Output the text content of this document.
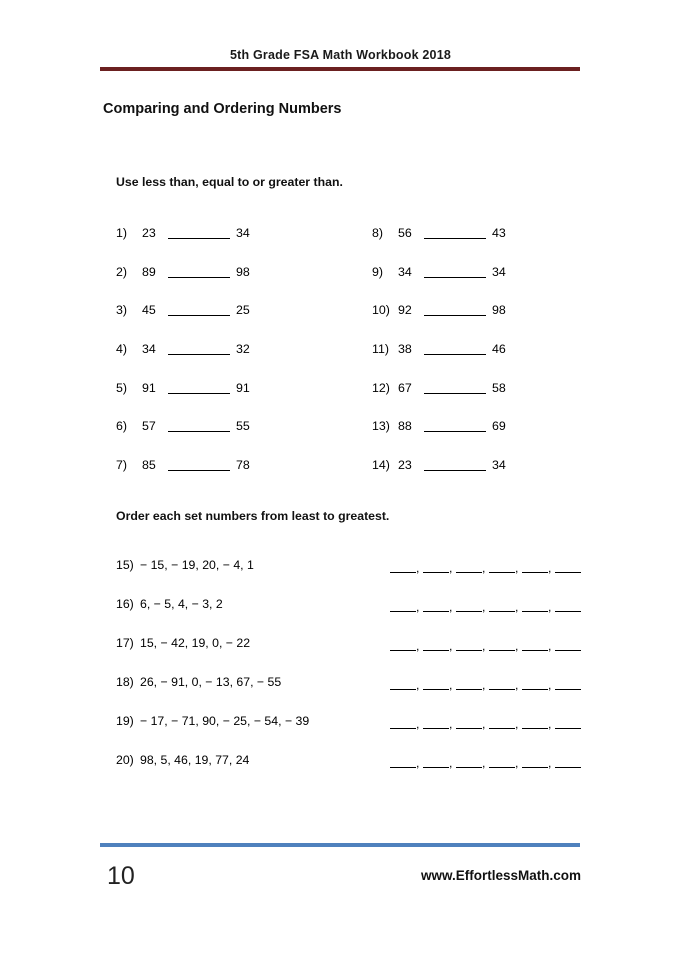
5th Grade FSA Math Workbook 2018
Comparing and Ordering Numbers
Use less than, equal to or greater than.
1) 23	34
2) 89	98
3) 45	25
4) 34	32
5) 91	91
6) 57	55
7) 85	78
8) 56	43
9) 34	34
10) 92	98
11) 38	46
12) 67	58
13) 88	69
14) 23	34
Order each set numbers from least to greatest.
15) − 15, − 19, 20, − 4, 1	, , , , ,
16) 6, − 5, 4, − 3, 2	, , , , ,
17) 15, − 42, 19, 0, − 22	, , , , ,
18) 26, − 91, 0, − 13, 67, − 55	, , , , ,
19) − 17, − 71, 90, − 25, − 54, − 39	, , , , ,
20) 98, 5, 46, 19, 77, 24	, , , , ,
10	www.EffortlessMath.com
